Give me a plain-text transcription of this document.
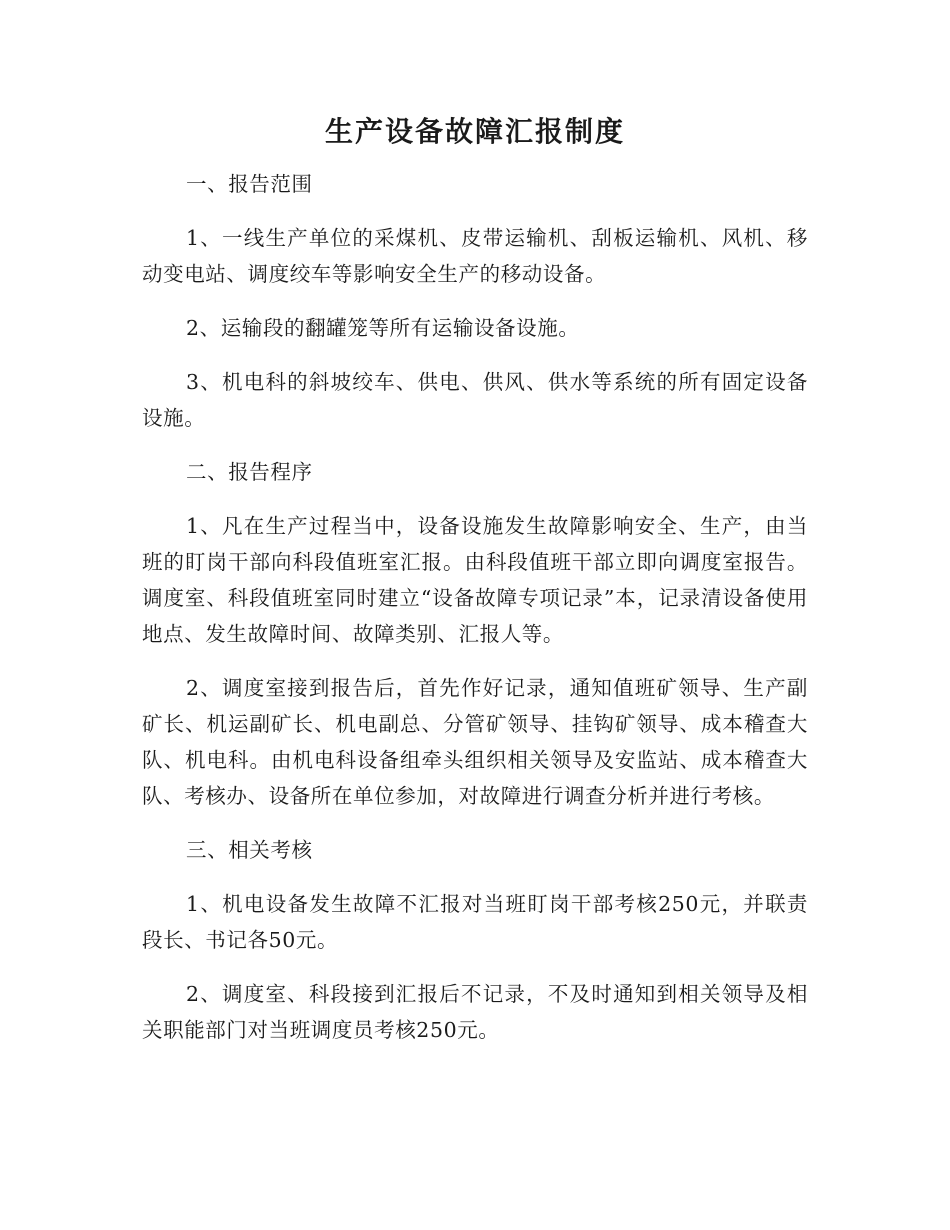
生产设备故障汇报制度

一、报告范围

1、一线生产单位的采煤机、皮带运输机、刮板运输机、风机、移动变电站、调度绞车等影响安全生产的移动设备。

2、运输段的翻罐笼等所有运输设备设施。

3、机电科的斜坡绞车、供电、供风、供水等系统的所有固定设备设施。

二、报告程序

1、凡在生产过程当中，设备设施发生故障影响安全、生产，由当班的盯岗干部向科段值班室汇报。由科段值班干部立即向调度室报告。调度室、科段值班室同时建立“设备故障专项记录”本，记录清设备使用地点、发生故障时间、故障类别、汇报人等。

2、调度室接到报告后，首先作好记录，通知值班矿领导、生产副矿长、机运副矿长、机电副总、分管矿领导、挂钩矿领导、成本稽查大队、机电科。由机电科设备组牵头组织相关领导及安监站、成本稽查大队、考核办、设备所在单位参加，对故障进行调查分析并进行考核。

三、相关考核

1、机电设备发生故障不汇报对当班盯岗干部考核250元，并联责段长、书记各50元。

2、调度室、科段接到汇报后不记录，不及时通知到相关领导及相关职能部门对当班调度员考核250元。
